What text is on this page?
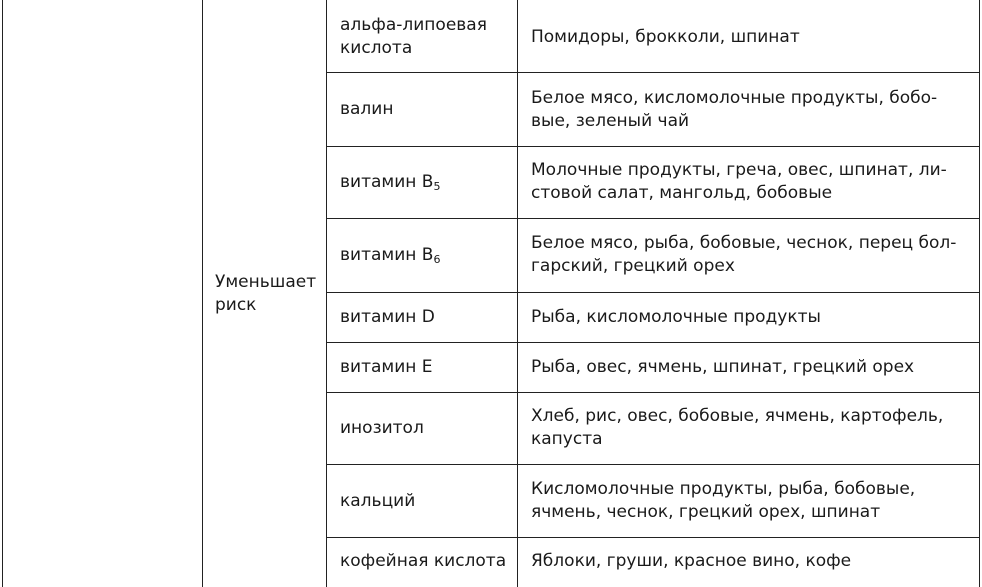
Уменьшает
риск
альфа-липоевая
кислота
Помидоры, брокколи, шпинат
валин
Белое мясо, кисломолочные продукты, бобо-
вые, зеленый чай
витамин $B_5$
Молочные продукты, греча, овес, шпинат, ли-
стовой салат, мангольд, бобовые
витамин $B_6$
Белое мясо, рыба, бобовые, чеснок, перец бол-
гарский, грецкий орех
витамин D	Рыба, кисломолочные продукты
витамин E	Рыба, овес, ячмень, шпинат, грецкий орех
инозитол
Хлеб, рис, овес, бобовые, ячмень, картофель,
капуста
кальций
Кисломолочные продукты, рыба, бобовые,
ячмень, чеснок, грецкий орех, шпинат
кофейная кислота Яблоки, груши, красное вино, кофе
